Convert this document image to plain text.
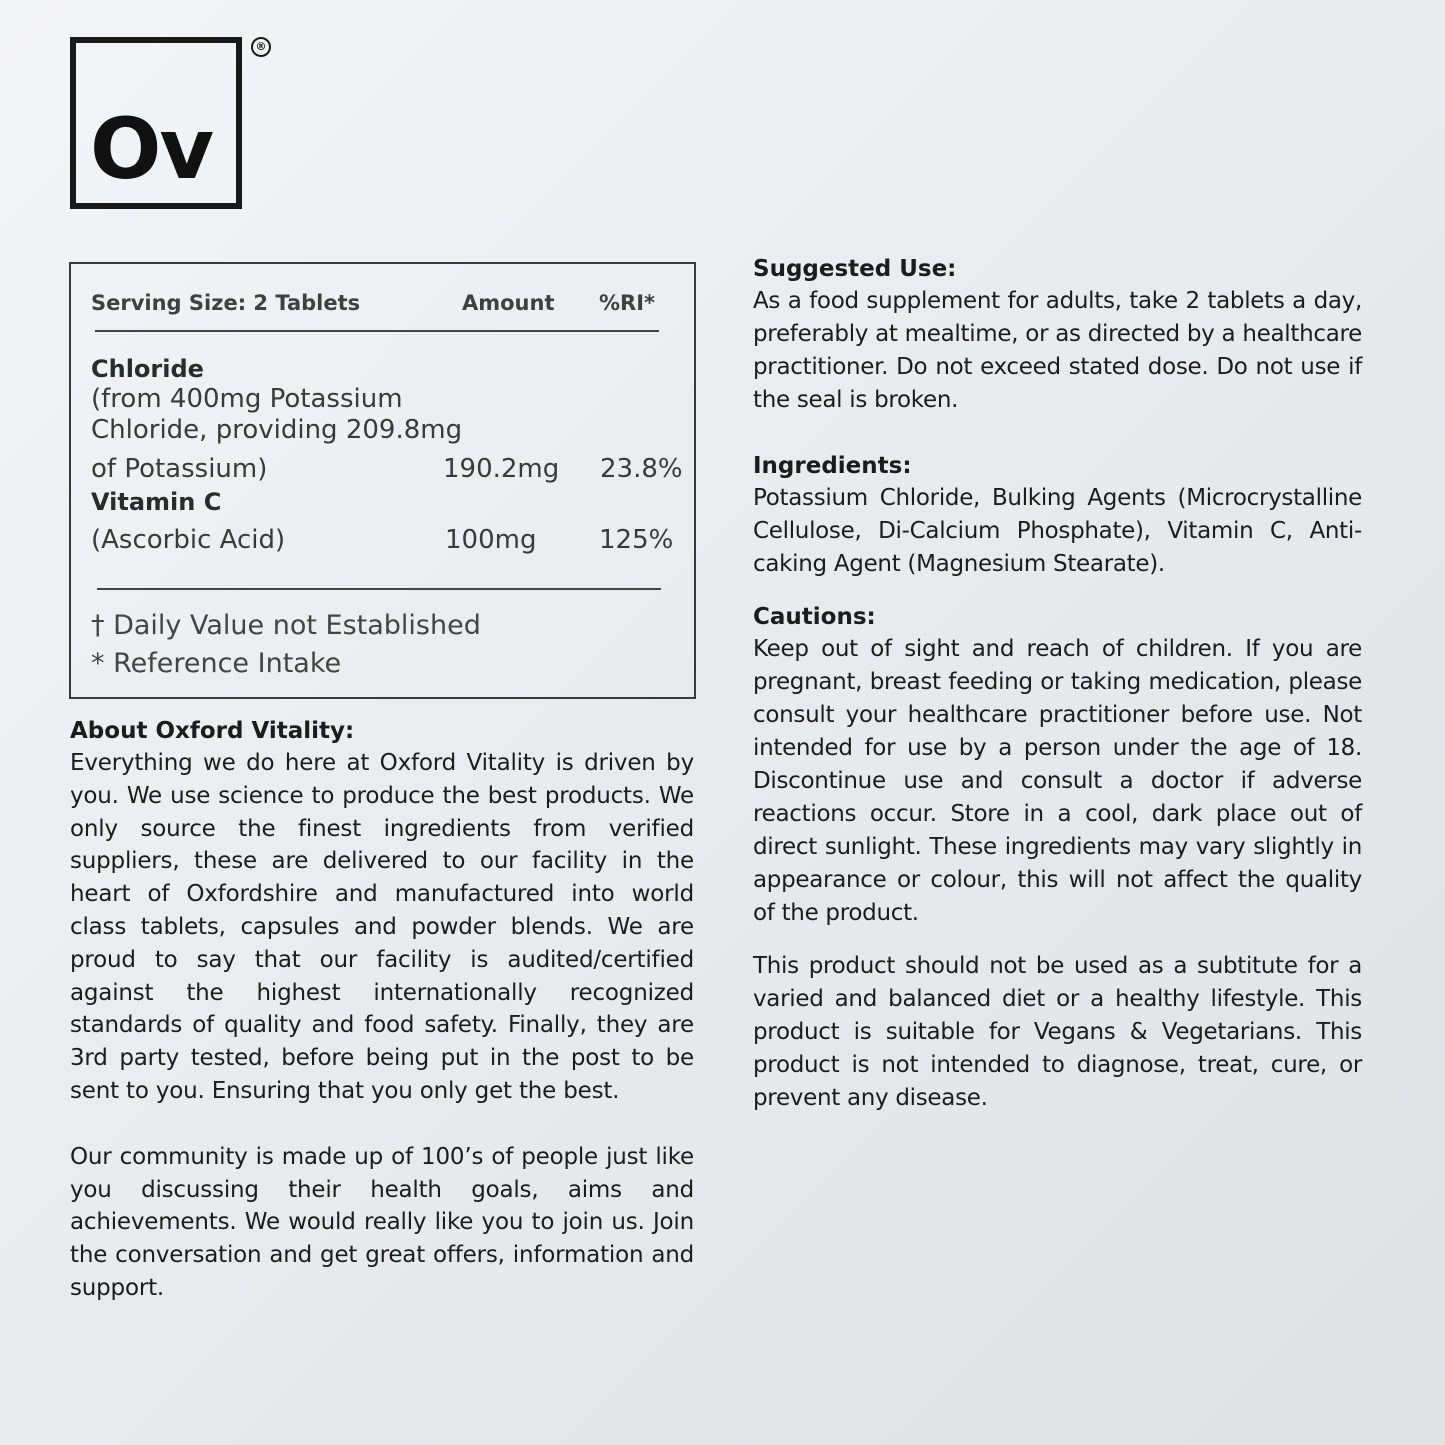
Ov
®
Serving Size: 2 Tablets	Amount %RI*
Chloride
(from 400mg Potassium
Chloride, providing 209.8mg
of Potassium)	190.2mg 23.8%
Vitamin C
(Ascorbic Acid)	100mg 125%
† Daily Value not Established
* Reference Intake
About Oxford Vitality:

Everything we do here at Oxford Vitality is driven by you. We use science to produce the best products. We only source the finest ingredients from verified suppliers, these are delivered to our facility in the heart of Oxfordshire and manufactured into world class tablets, capsules and powder blends. We are proud to say that our facility is audited/certified against the highest internationally recognized standards of quality and food safety. Finally, they are 3rd party tested, before being put in the post to be sent to you. Ensuring that you only get the best.

Our community is made up of 100’s of people just like you discussing their health goals, aims and achievements. We would really like you to join us. Join the conversation and get great offers, information and support.

Suggested Use:

As a food supplement for adults, take 2 tablets a day, preferably at mealtime, or as directed by a healthcare practitioner. Do not exceed stated dose. Do not use if the seal is broken.

Ingredients:

Potassium Chloride, Bulking Agents (Microcrystalline Cellulose, Di-Calcium Phosphate), Vitamin C, Anti-caking Agent (Magnesium Stearate).

Cautions:

Keep out of sight and reach of children. If you are pregnant, breast feeding or taking medication, please consult your healthcare practitioner before use. Not intended for use by a person under the age of 18. Discontinue use and consult a doctor if adverse reactions occur. Store in a cool, dark place out of direct sunlight. These ingredients may vary slightly in appearance or colour, this will not affect the quality of the product.

This product should not be used as a subtitute for a varied and balanced diet or a healthy lifestyle. This product is suitable for Vegans & Vegetarians. This product is not intended to diagnose, treat, cure, or prevent any disease.
